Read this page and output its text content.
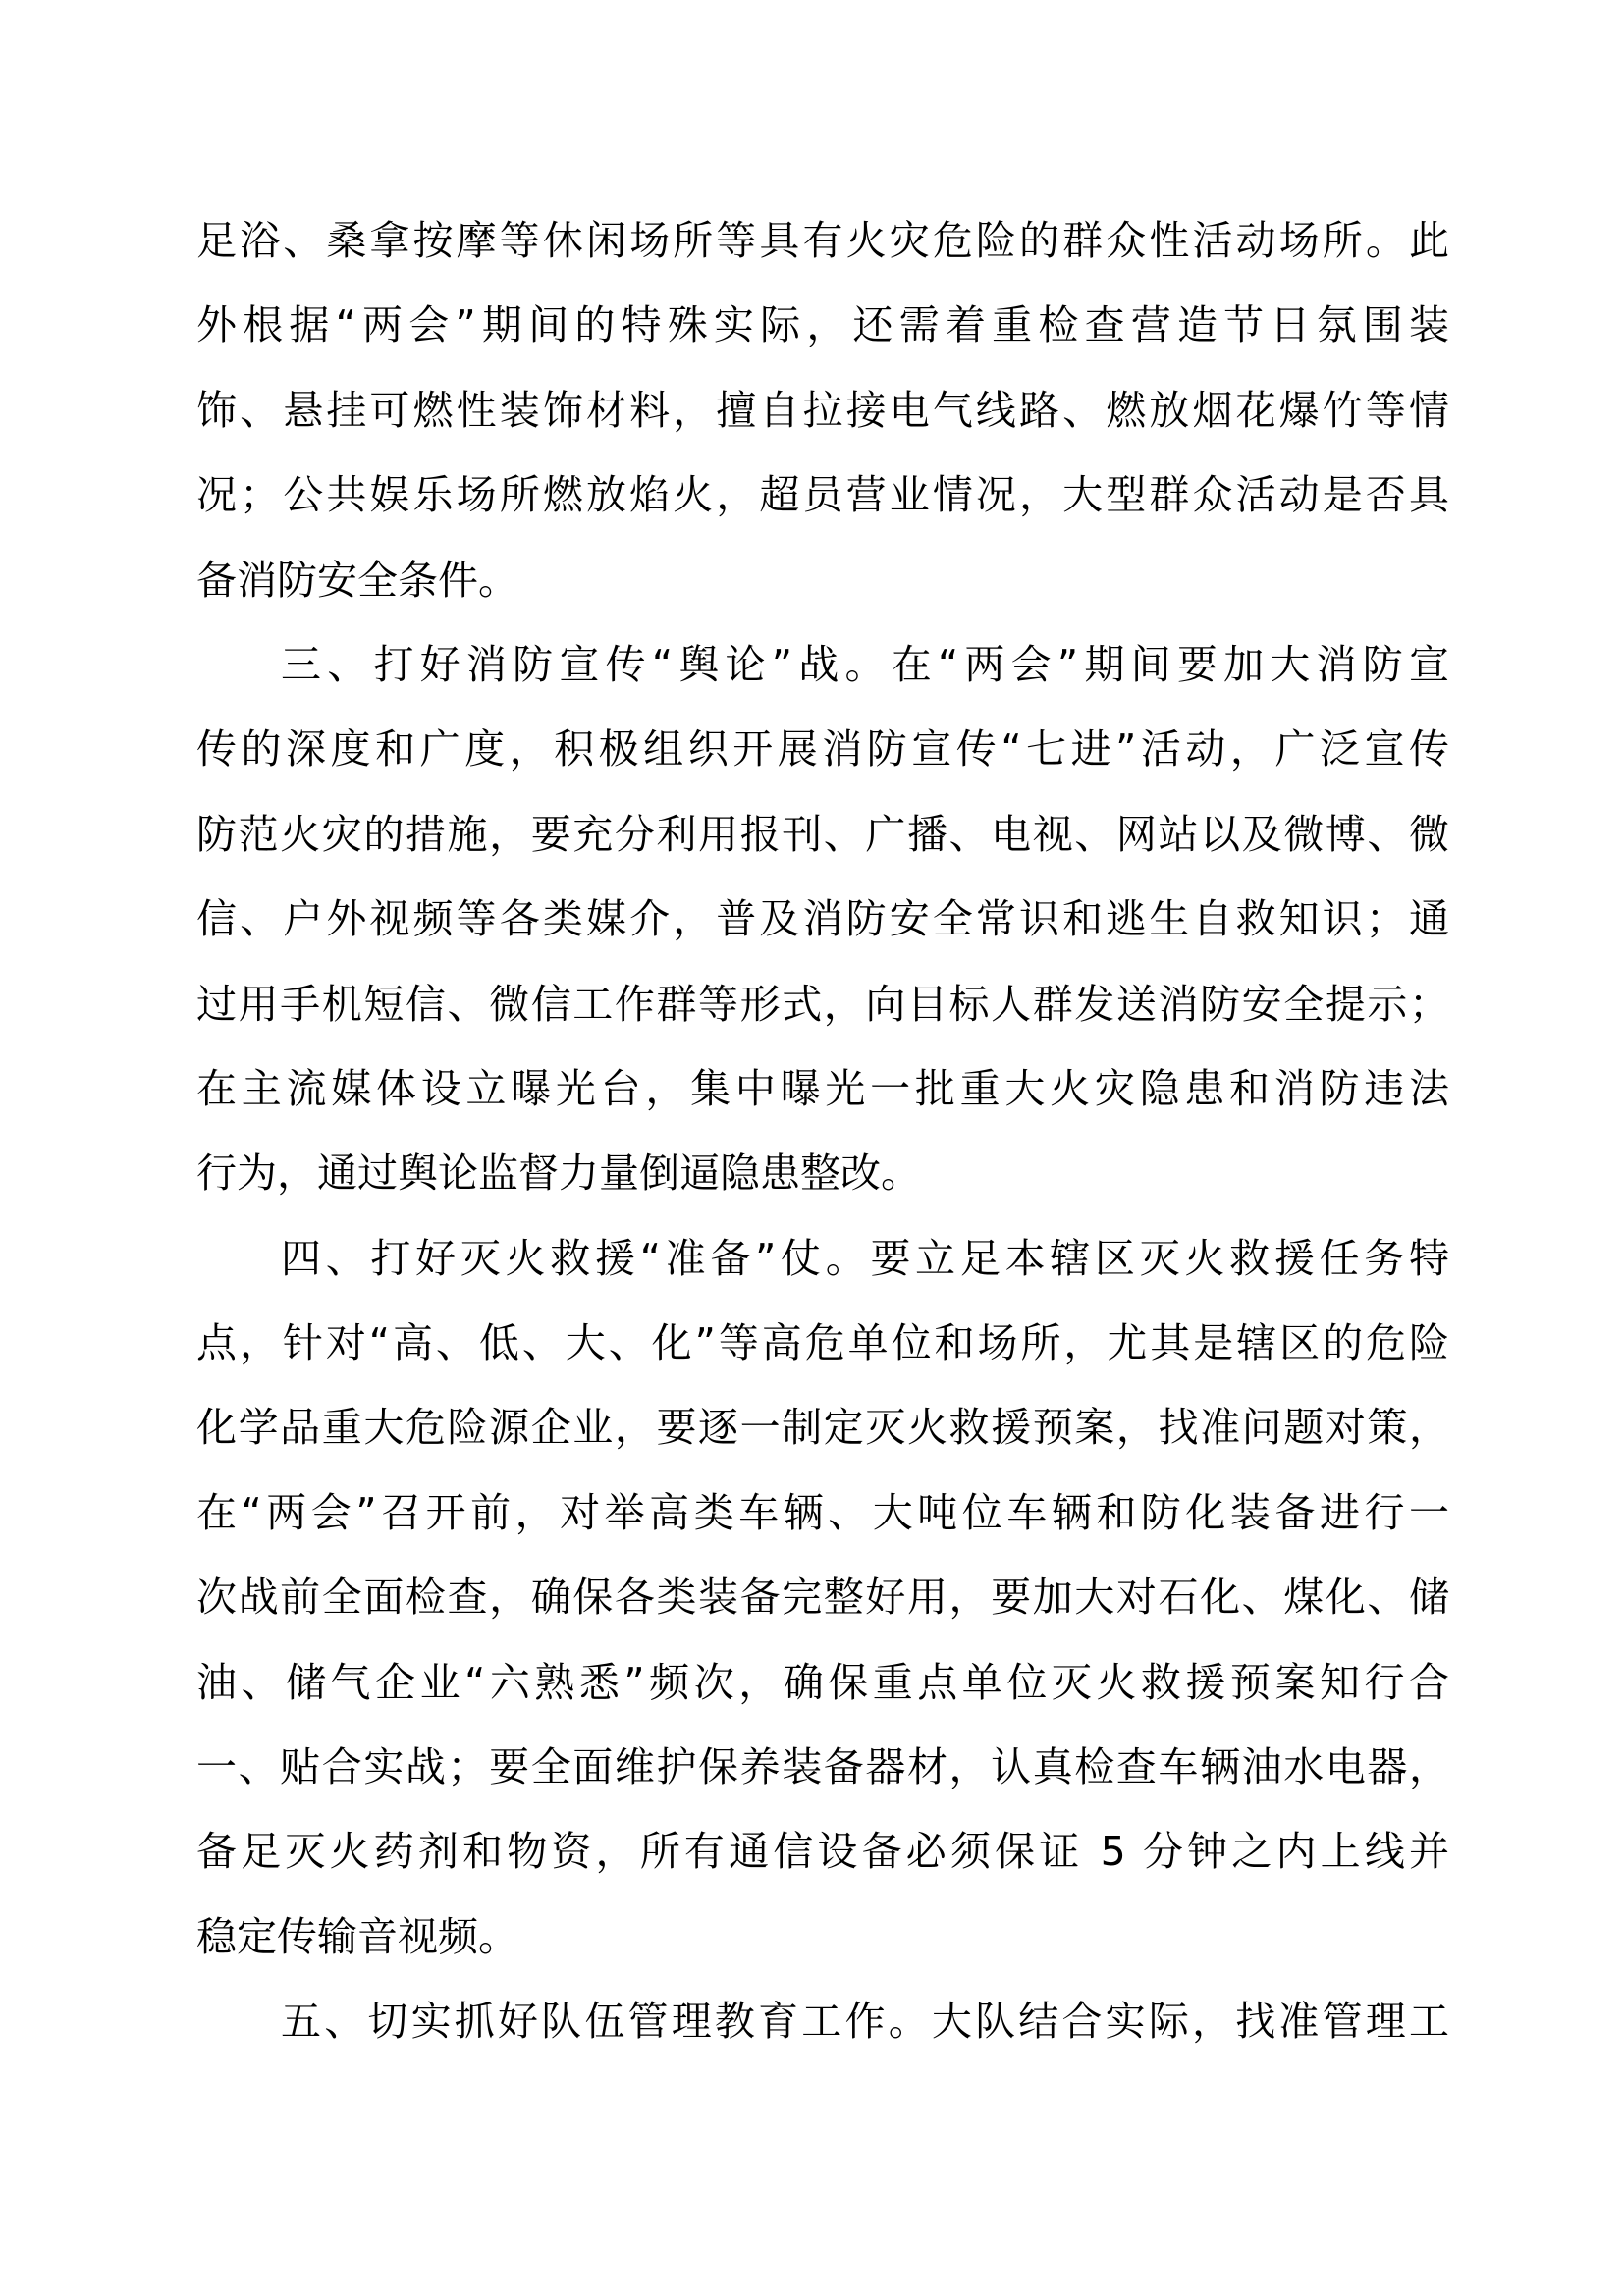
足浴、桑拿按摩等休闲场所等具有火灾危险的群众性活动场所。此
外根据“两会”期间的特殊实际，还需着重检查营造节日氛围装
饰、悬挂可燃性装饰材料，擅自拉接电气线路、燃放烟花爆竹等情
况；公共娱乐场所燃放焰火，超员营业情况，大型群众活动是否具
备消防安全条件。
三、打好消防宣传“舆论”战。在“两会”期间要加大消防宣
传的深度和广度，积极组织开展消防宣传“七进”活动，广泛宣传
防范火灾的措施，要充分利用报刊、广播、电视、网站以及微博、微
信、户外视频等各类媒介，普及消防安全常识和逃生自救知识；通
过用手机短信、微信工作群等形式，向目标人群发送消防安全提示；
在主流媒体设立曝光台，集中曝光一批重大火灾隐患和消防违法
行为，通过舆论监督力量倒逼隐患整改。
四、打好灭火救援“准备”仗。要立足本辖区灭火救援任务特
点，针对“高、低、大、化”等高危单位和场所，尤其是辖区的危险
化学品重大危险源企业，要逐一制定灭火救援预案，找准问题对策，
在“两会”召开前，对举高类车辆、大吨位车辆和防化装备进行一
次战前全面检查，确保各类装备完整好用，要加大对石化、煤化、储
油、储气企业“六熟悉”频次，确保重点单位灭火救援预案知行合
一、贴合实战；要全面维护保养装备器材，认真检查车辆油水电器，
备足灭火药剂和物资，所有通信设备必须保证 5 分钟之内上线并
稳定传输音视频。
五、切实抓好队伍管理教育工作。大队结合实际，找准管理工
